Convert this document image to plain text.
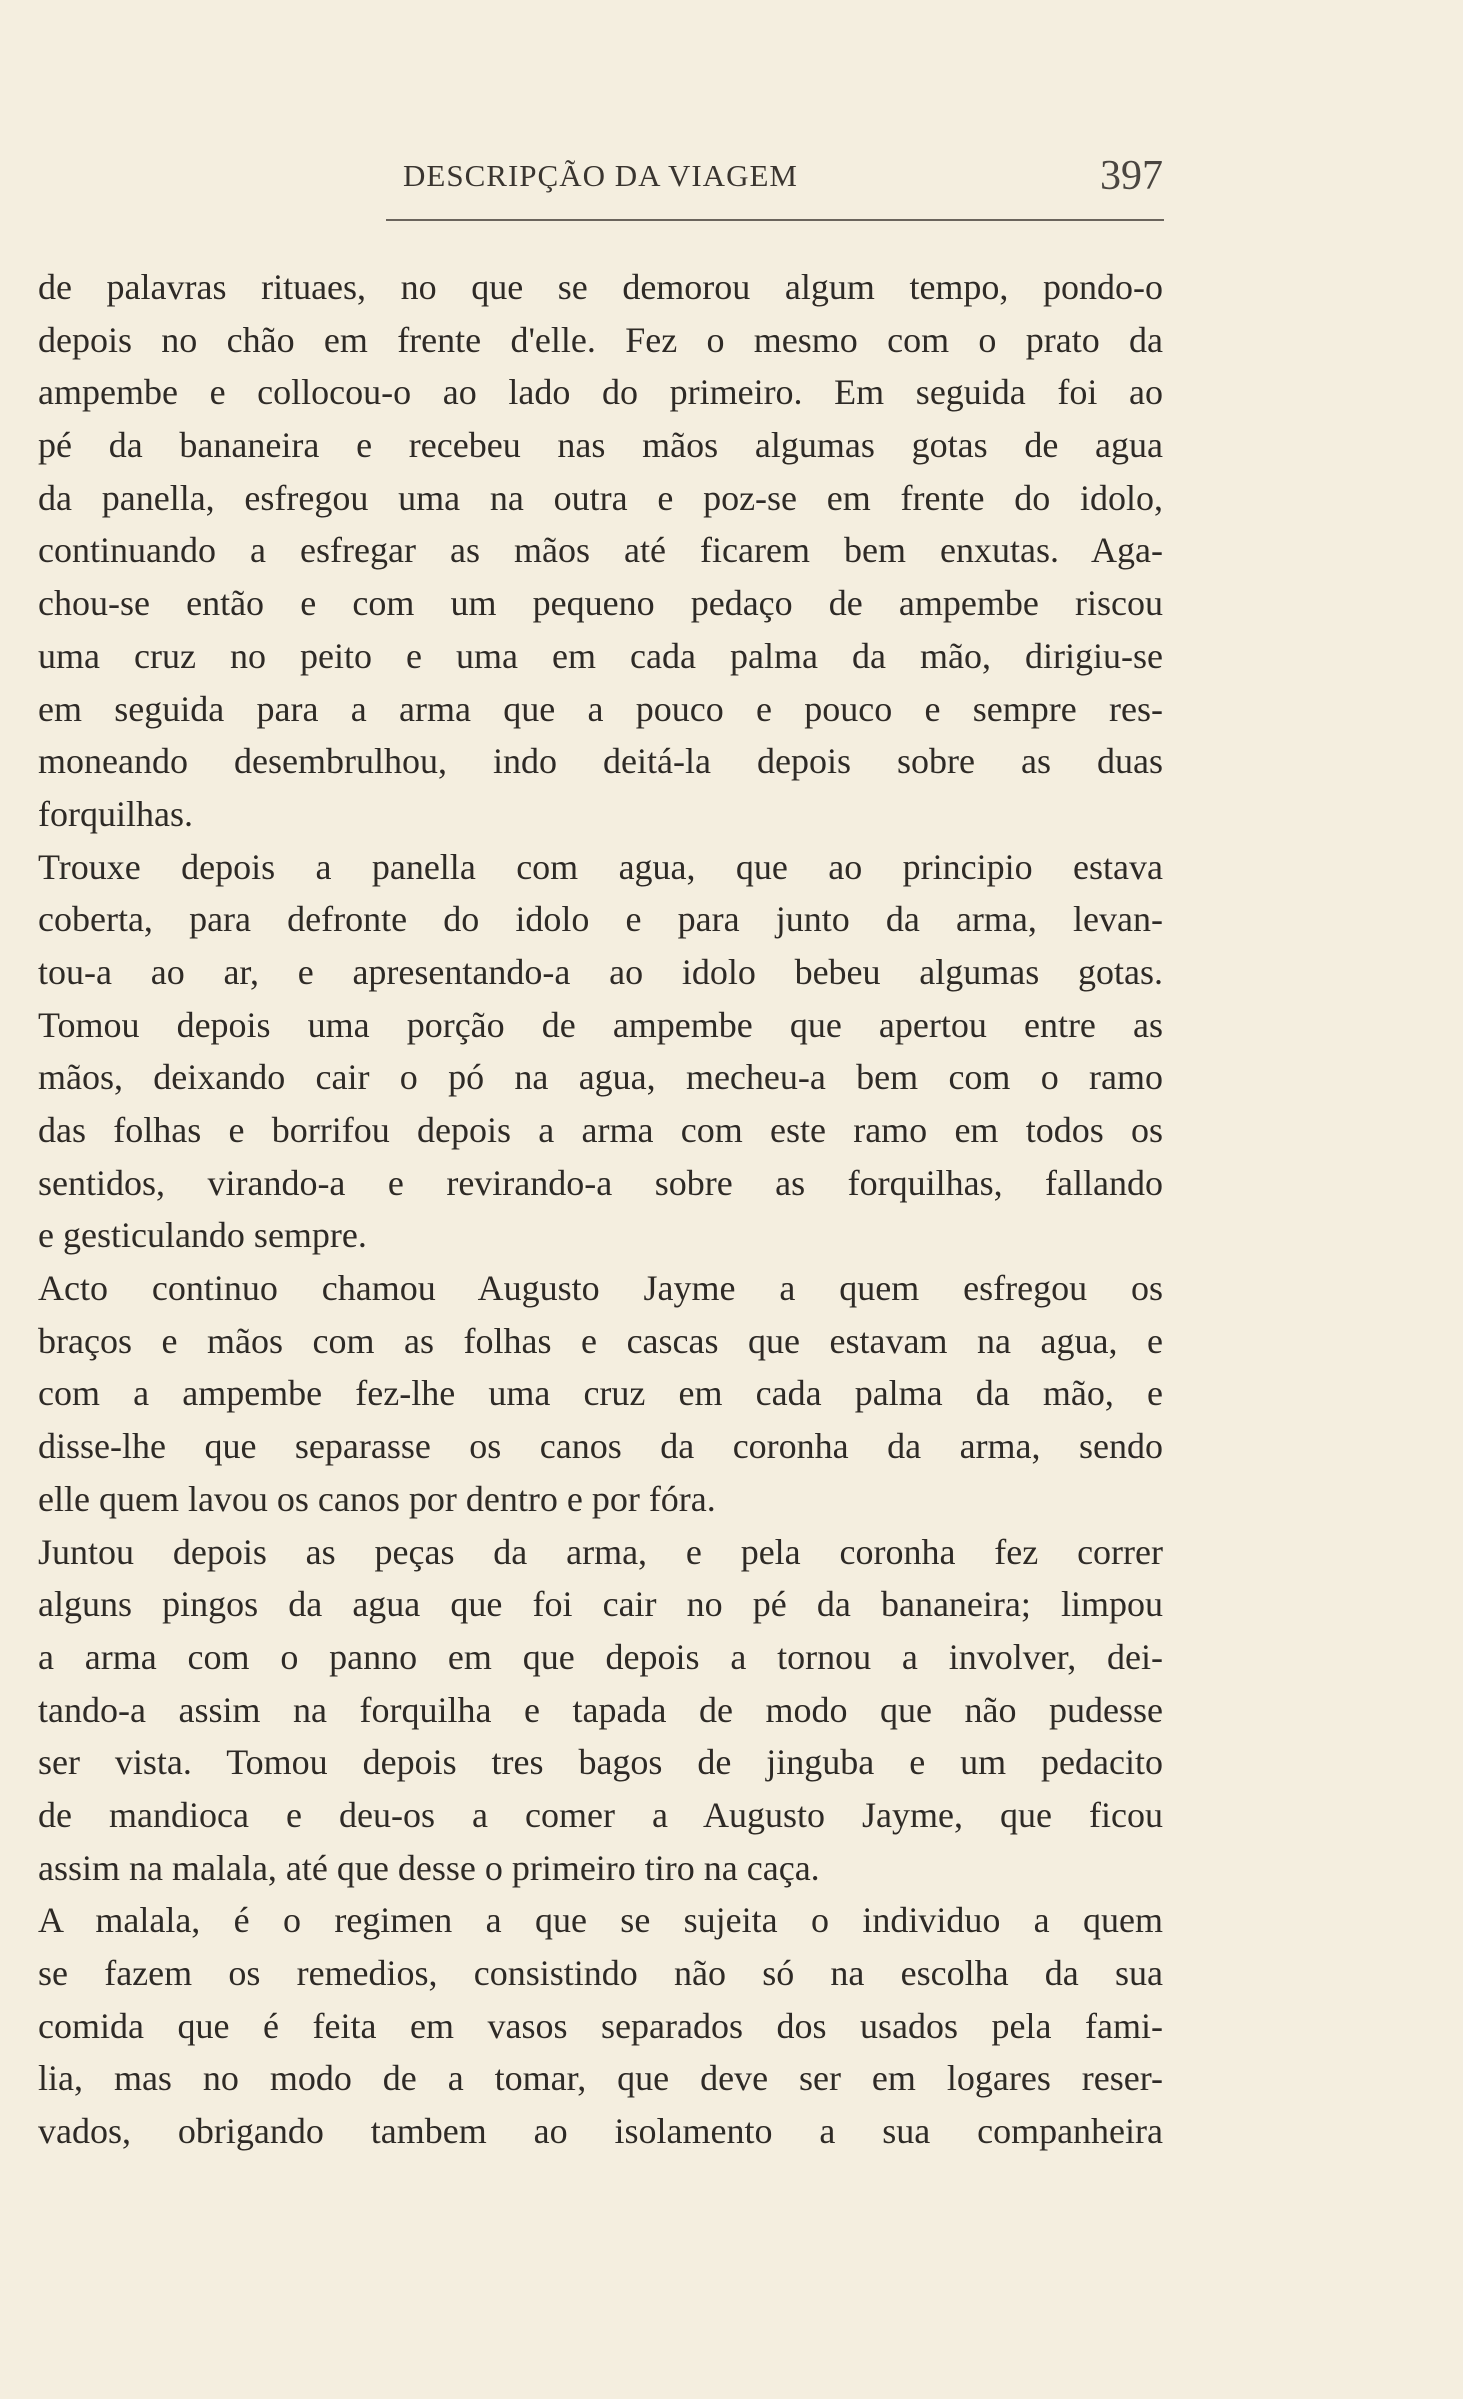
DESCRIPÇÃO DA VIAGEM	397
de palavras rituaes, no que se demorou algum tempo, pondo-o
depois no chão em frente d'elle. Fez o mesmo com o prato da
ampembe e collocou-o ao lado do primeiro. Em seguida foi ao
pé da bananeira e recebeu nas mãos algumas gotas de agua
da panella, esfregou uma na outra e poz-se em frente do idolo,
continuando a esfregar as mãos até ficarem bem enxutas. Aga-
chou-se então e com um pequeno pedaço de ampembe riscou
uma cruz no peito e uma em cada palma da mão, dirigiu-se
em seguida para a arma que a pouco e pouco e sempre res-
moneando desembrulhou, indo deitá-la depois sobre as duas
forquilhas.
Trouxe depois a panella com agua, que ao principio estava
coberta, para defronte do idolo e para junto da arma, levan-
tou-a ao ar, e apresentando-a ao idolo bebeu algumas gotas.
Tomou depois uma porção de ampembe que apertou entre as
mãos, deixando cair o pó na agua, mecheu-a bem com o ramo
das folhas e borrifou depois a arma com este ramo em todos os
sentidos, virando-a e revirando-a sobre as forquilhas, fallando
e gesticulando sempre.
Acto continuo chamou Augusto Jayme a quem esfregou os
braços e mãos com as folhas e cascas que estavam na agua, e
com a ampembe fez-lhe uma cruz em cada palma da mão, e
disse-lhe que separasse os canos da coronha da arma, sendo
elle quem lavou os canos por dentro e por fóra.
Juntou depois as peças da arma, e pela coronha fez correr
alguns pingos da agua que foi cair no pé da bananeira; limpou
a arma com o panno em que depois a tornou a involver, dei-
tando-a assim na forquilha e tapada de modo que não pudesse
ser vista. Tomou depois tres bagos de jinguba e um pedacito
de mandioca e deu-os a comer a Augusto Jayme, que ficou
assim na malala, até que desse o primeiro tiro na caça.
A malala, é o regimen a que se sujeita o individuo a quem
se fazem os remedios, consistindo não só na escolha da sua
comida que é feita em vasos separados dos usados pela fami-
lia, mas no modo de a tomar, que deve ser em logares reser-
vados, obrigando tambem ao isolamento a sua companheira
